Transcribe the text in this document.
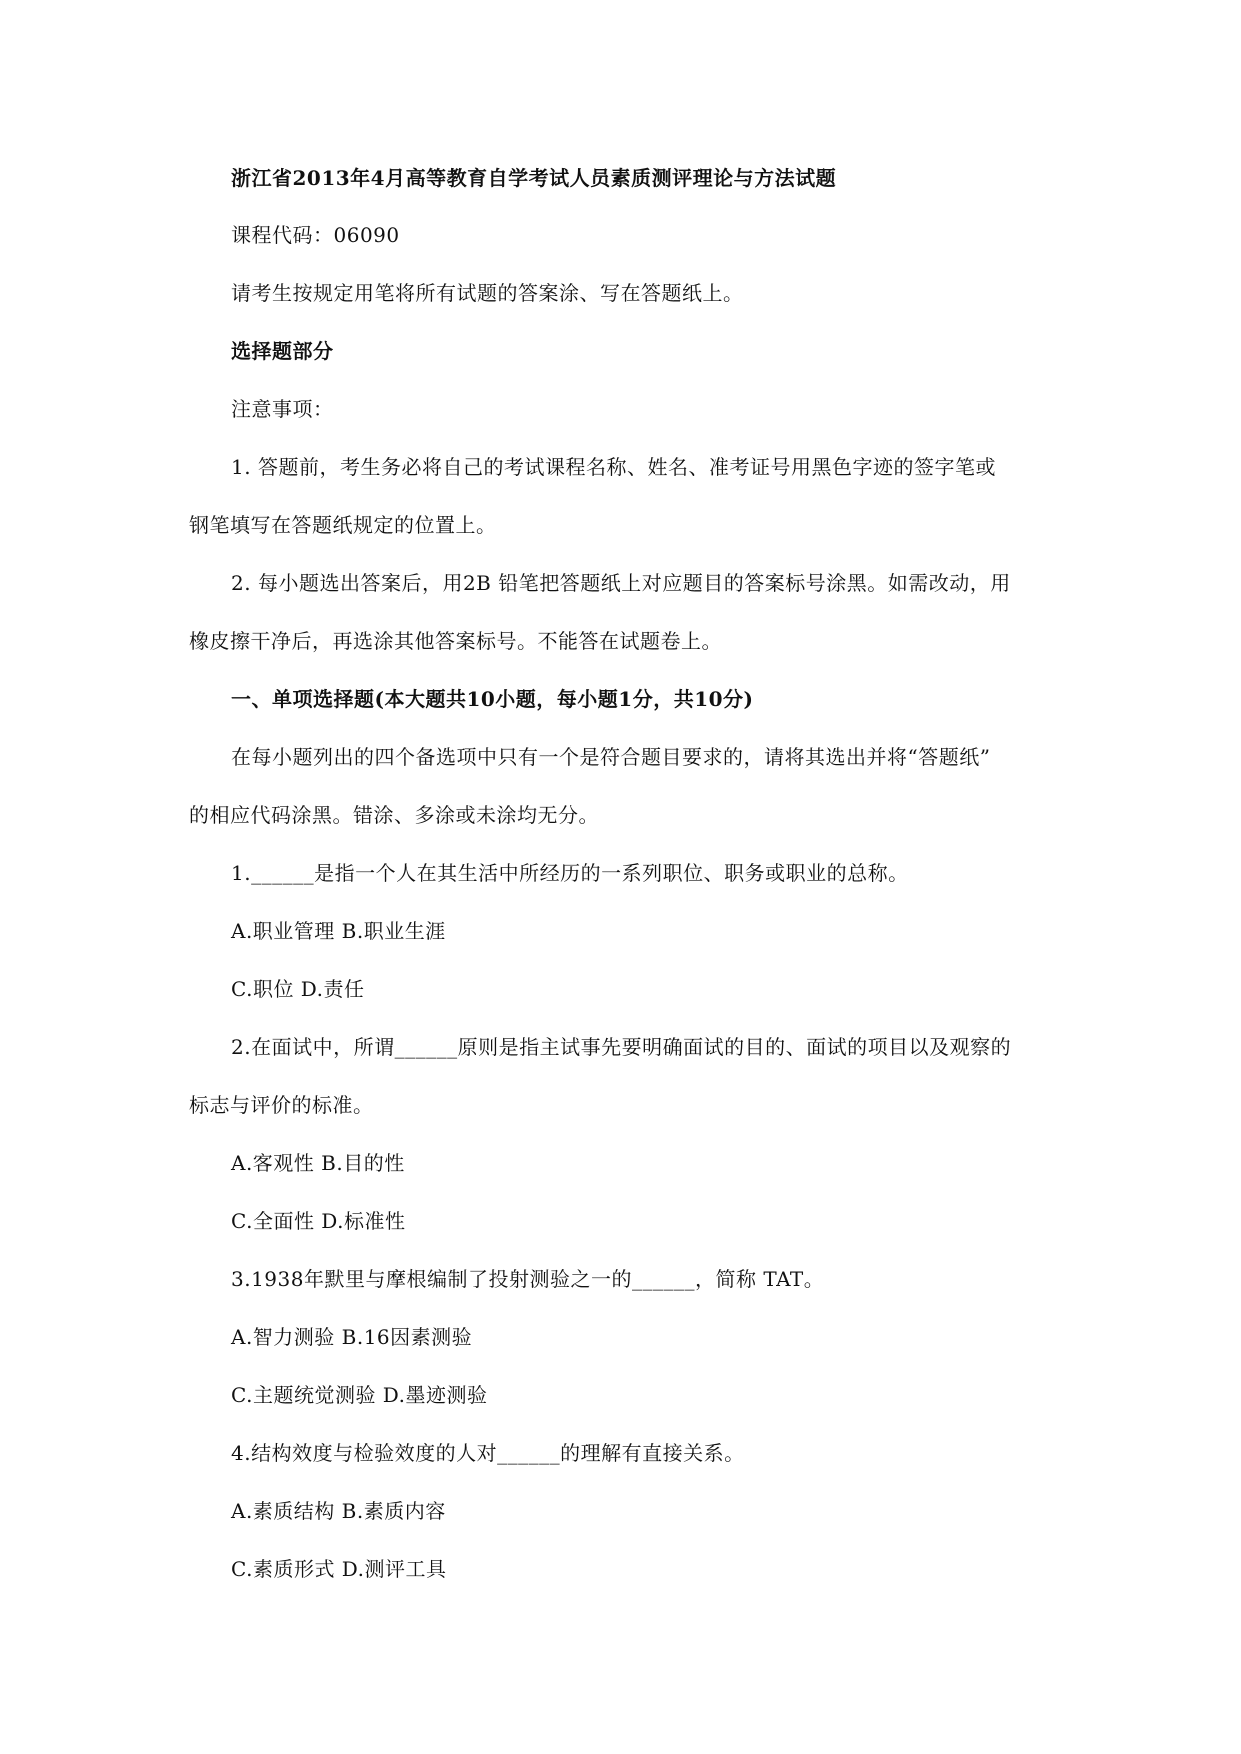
浙江省2013年4月高等教育自学考试人员素质测评理论与方法试题
课程代码：06090
请考生按规定用笔将所有试题的答案涂、写在答题纸上。
选择题部分
注意事项：
1. 答题前，考生务必将自己的考试课程名称、姓名、准考证号用黑色字迹的签字笔或
钢笔填写在答题纸规定的位置上。
2. 每小题选出答案后，用2B 铅笔把答题纸上对应题目的答案标号涂黑。如需改动，用
橡皮擦干净后，再选涂其他答案标号。不能答在试题卷上。
一、单项选择题(本大题共10小题，每小题1分，共10分)
在每小题列出的四个备选项中只有一个是符合题目要求的，请将其选出并将“答题纸”
的相应代码涂黑。错涂、多涂或未涂均无分。
1.______是指一个人在其生活中所经历的一系列职位、职务或职业的总称。
A.职业管理 B.职业生涯
C.职位 D.责任
2.在面试中，所谓______原则是指主试事先要明确面试的目的、面试的项目以及观察的
标志与评价的标准。
A.客观性 B.目的性
C.全面性 D.标准性
3.1938年默里与摩根编制了投射测验之一的______，简称 TAT。
A.智力测验 B.16因素测验
C.主题统觉测验 D.墨迹测验
4.结构效度与检验效度的人对______的理解有直接关系。
A.素质结构 B.素质内容
C.素质形式 D.测评工具
